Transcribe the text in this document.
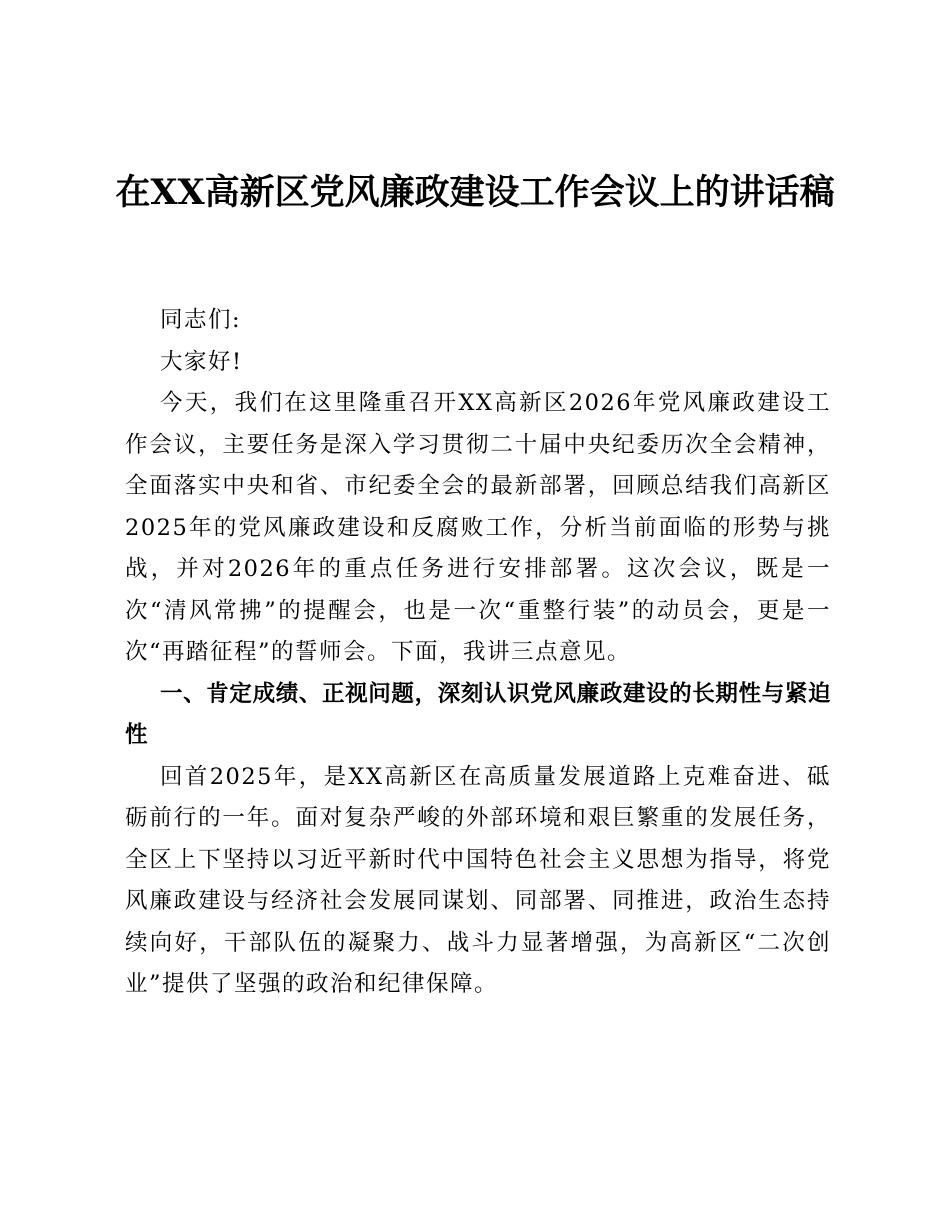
在XX高新区党风廉政建设工作会议上的讲话稿

同志们:

大家好!

今天，我们在这里隆重召开XX高新区2026年党风廉政建设工作会议，主要任务是深入学习贯彻二十届中央纪委历次全会精神，全面落实中央和省、市纪委全会的最新部署，回顾总结我们高新区2025年的党风廉政建设和反腐败工作，分析当前面临的形势与挑战，并对2026年的重点任务进行安排部署。这次会议，既是一次“清风常拂”的提醒会，也是一次“重整行装”的动员会，更是一次“再踏征程”的誓师会。下面，我讲三点意见。

一、肯定成绩、正视问题，深刻认识党风廉政建设的长期性与紧迫性

回首2025年，是XX高新区在高质量发展道路上克难奋进、砥砺前行的一年。面对复杂严峻的外部环境和艰巨繁重的发展任务，全区上下坚持以习近平新时代中国特色社会主义思想为指导，将党风廉政建设与经济社会发展同谋划、同部署、同推进，政治生态持续向好，干部队伍的凝聚力、战斗力显著增强，为高新区“二次创业”提供了坚强的政治和纪律保障。
